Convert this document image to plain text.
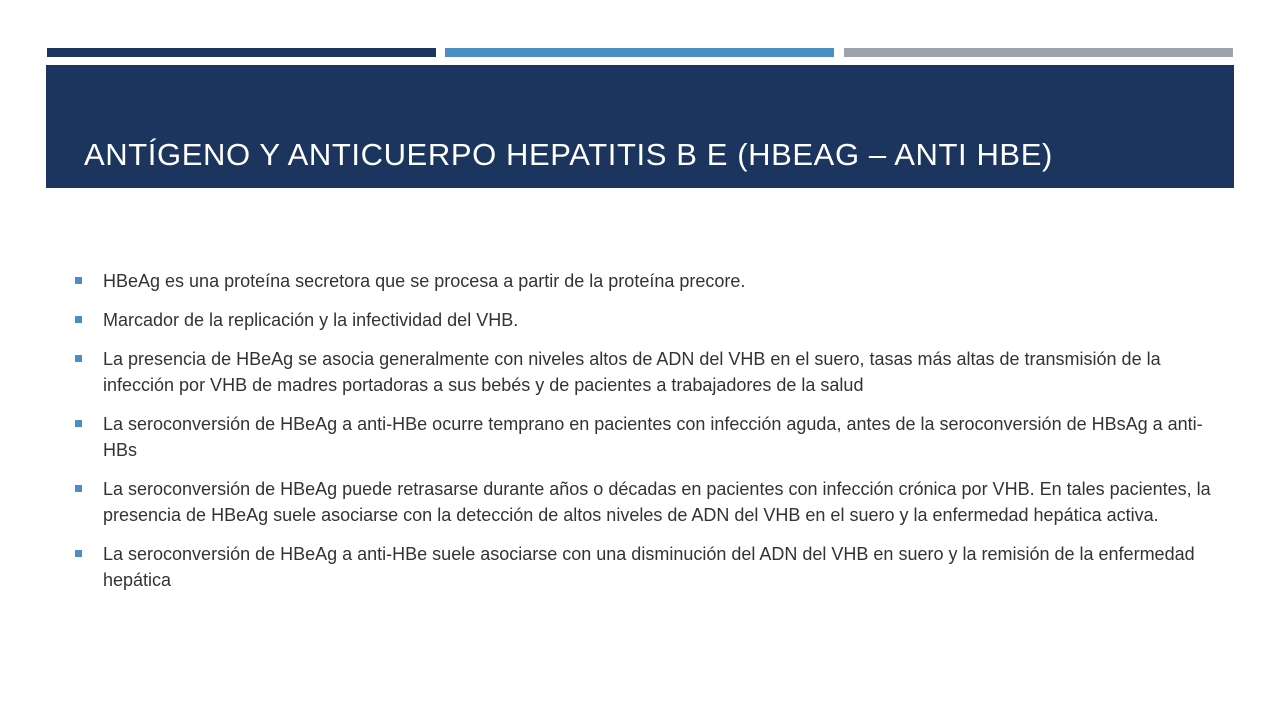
ANTÍGENO Y ANTICUERPO HEPATITIS B E (HBEAG – ANTI HBE)
HBeAg es una proteína secretora que se procesa a partir de la proteína precore.
Marcador de la replicación y la infectividad del VHB.
La presencia de HBeAg se asocia generalmente con niveles altos de ADN del VHB en el suero, tasas más altas de transmisión de la infección por VHB de madres portadoras a sus bebés y de pacientes a trabajadores de la salud
La seroconversión de HBeAg a anti-HBe ocurre temprano en pacientes con infección aguda, antes de la seroconversión de HBsAg a anti-HBs
La seroconversión de HBeAg puede retrasarse durante años o décadas en pacientes con infección crónica por VHB. En tales pacientes, la presencia de HBeAg suele asociarse con la detección de altos niveles de ADN del VHB en el suero y la enfermedad hepática activa.
La seroconversión de HBeAg a anti-HBe suele asociarse con una disminución del ADN del VHB en suero y la remisión de la enfermedad hepática
